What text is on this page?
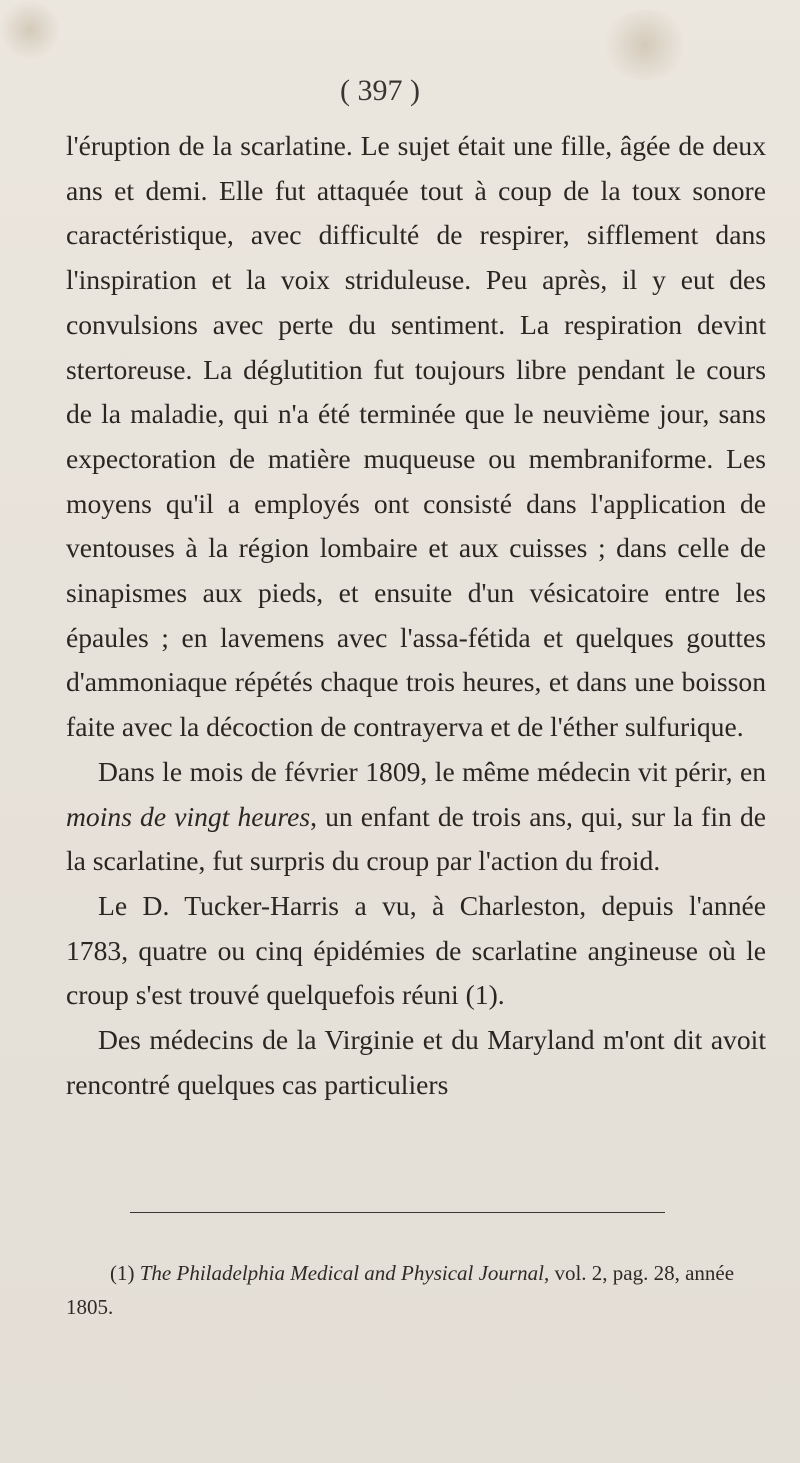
( 397 )

l'éruption de la scarlatine. Le sujet était une fille, âgée de deux ans et demi. Elle fut attaquée tout à coup de la toux sonore caractéristique, avec difficulté de respirer, sifflement dans l'inspiration et la voix striduleuse. Peu après, il y eut des convulsions avec perte du sentiment. La respiration devint stertoreuse. La déglutition fut toujours libre pendant le cours de la maladie, qui n'a été terminée que le neuvième jour, sans expectoration de matière muqueuse ou membraniforme. Les moyens qu'il a employés ont consisté dans l'application de ventouses à la région lombaire et aux cuisses ; dans celle de sinapismes aux pieds, et ensuite d'un vésicatoire entre les épaules ; en lavemens avec l'assa-fétida et quelques gouttes d'ammoniaque répétés chaque trois heures, et dans une boisson faite avec la décoction de contrayerva et de l'éther sulfurique.

Dans le mois de février 1809, le même médecin vit périr, en moins de vingt heures, un enfant de trois ans, qui, sur la fin de la scarlatine, fut surpris du croup par l'action du froid.

Le D. Tucker-Harris a vu, à Charleston, depuis l'année 1783, quatre ou cinq épidémies de scarlatine angineuse où le croup s'est trouvé quelquefois réuni (1).

Des médecins de la Virginie et du Maryland m'ont dit avoit rencontré quelques cas particuliers

(1) The Philadelphia Medical and Physical Journal, vol. 2, pag. 28, année 1805.
